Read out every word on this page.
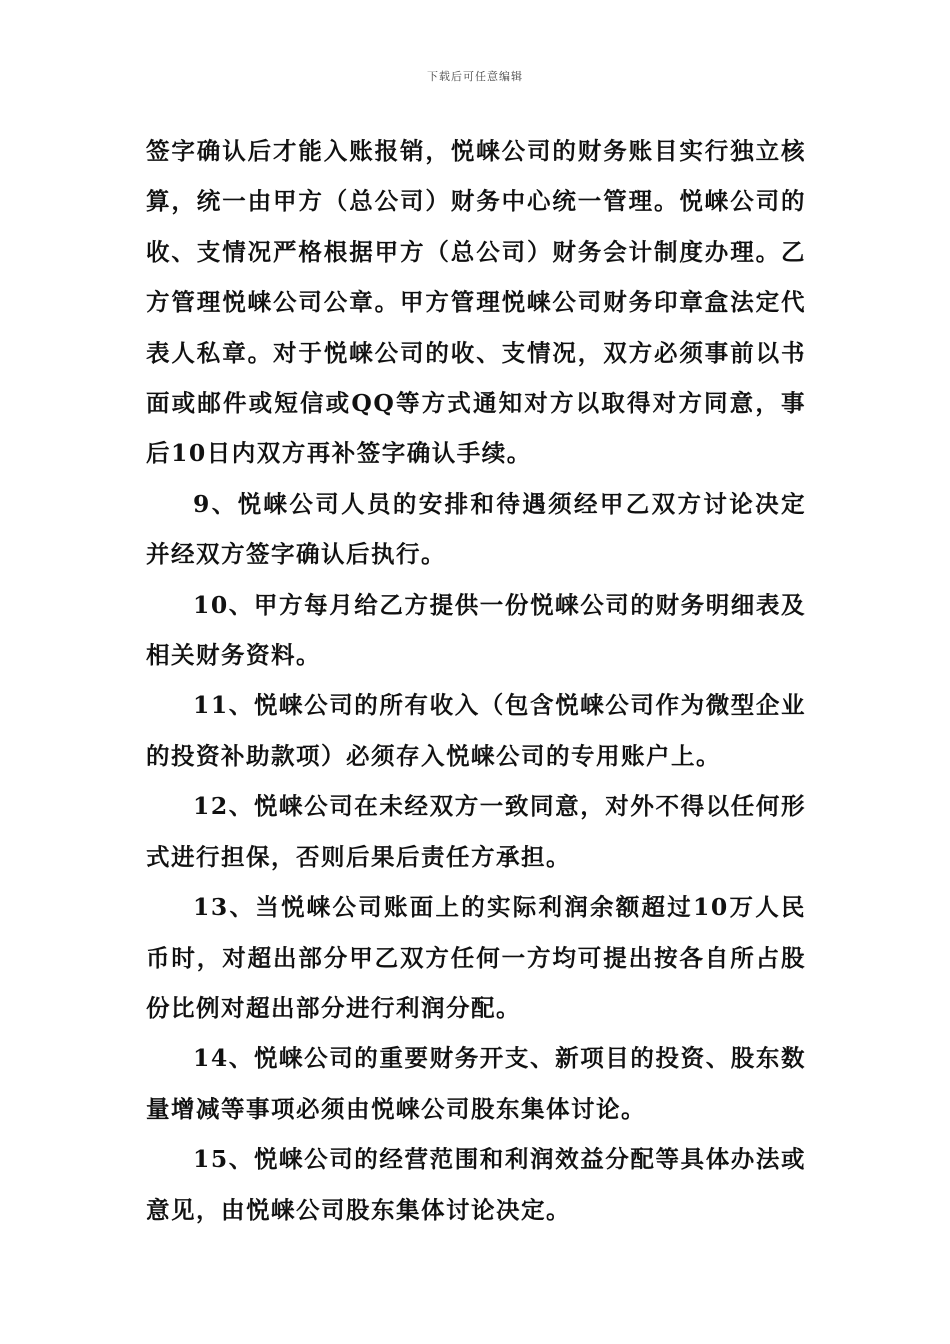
下载后可任意编辑

签字确认后才能入账报销，悦崃公司的财务账目实行独立核算，统一由甲方（总公司）财务中心统一管理。悦崃公司的收、支情况严格根据甲方（总公司）财务会计制度办理。乙方管理悦崃公司公章。甲方管理悦崃公司财务印章盒法定代表人私章。对于悦崃公司的收、支情况，双方必须事前以书面或邮件或短信或QQ等方式通知对方以取得对方同意，事后10日内双方再补签字确认手续。

9、悦崃公司人员的安排和待遇须经甲乙双方讨论决定并经双方签字确认后执行。

10、甲方每月给乙方提供一份悦崃公司的财务明细表及相关财务资料。

11、悦崃公司的所有收入（包含悦崃公司作为微型企业的投资补助款项）必须存入悦崃公司的专用账户上。

12、悦崃公司在未经双方一致同意，对外不得以任何形式进行担保，否则后果后责任方承担。

13、当悦崃公司账面上的实际利润余额超过10万人民币时，对超出部分甲乙双方任何一方均可提出按各自所占股份比例对超出部分进行利润分配。

14、悦崃公司的重要财务开支、新项目的投资、股东数量增减等事项必须由悦崃公司股东集体讨论。

15、悦崃公司的经营范围和利润效益分配等具体办法或意见，由悦崃公司股东集体讨论决定。
